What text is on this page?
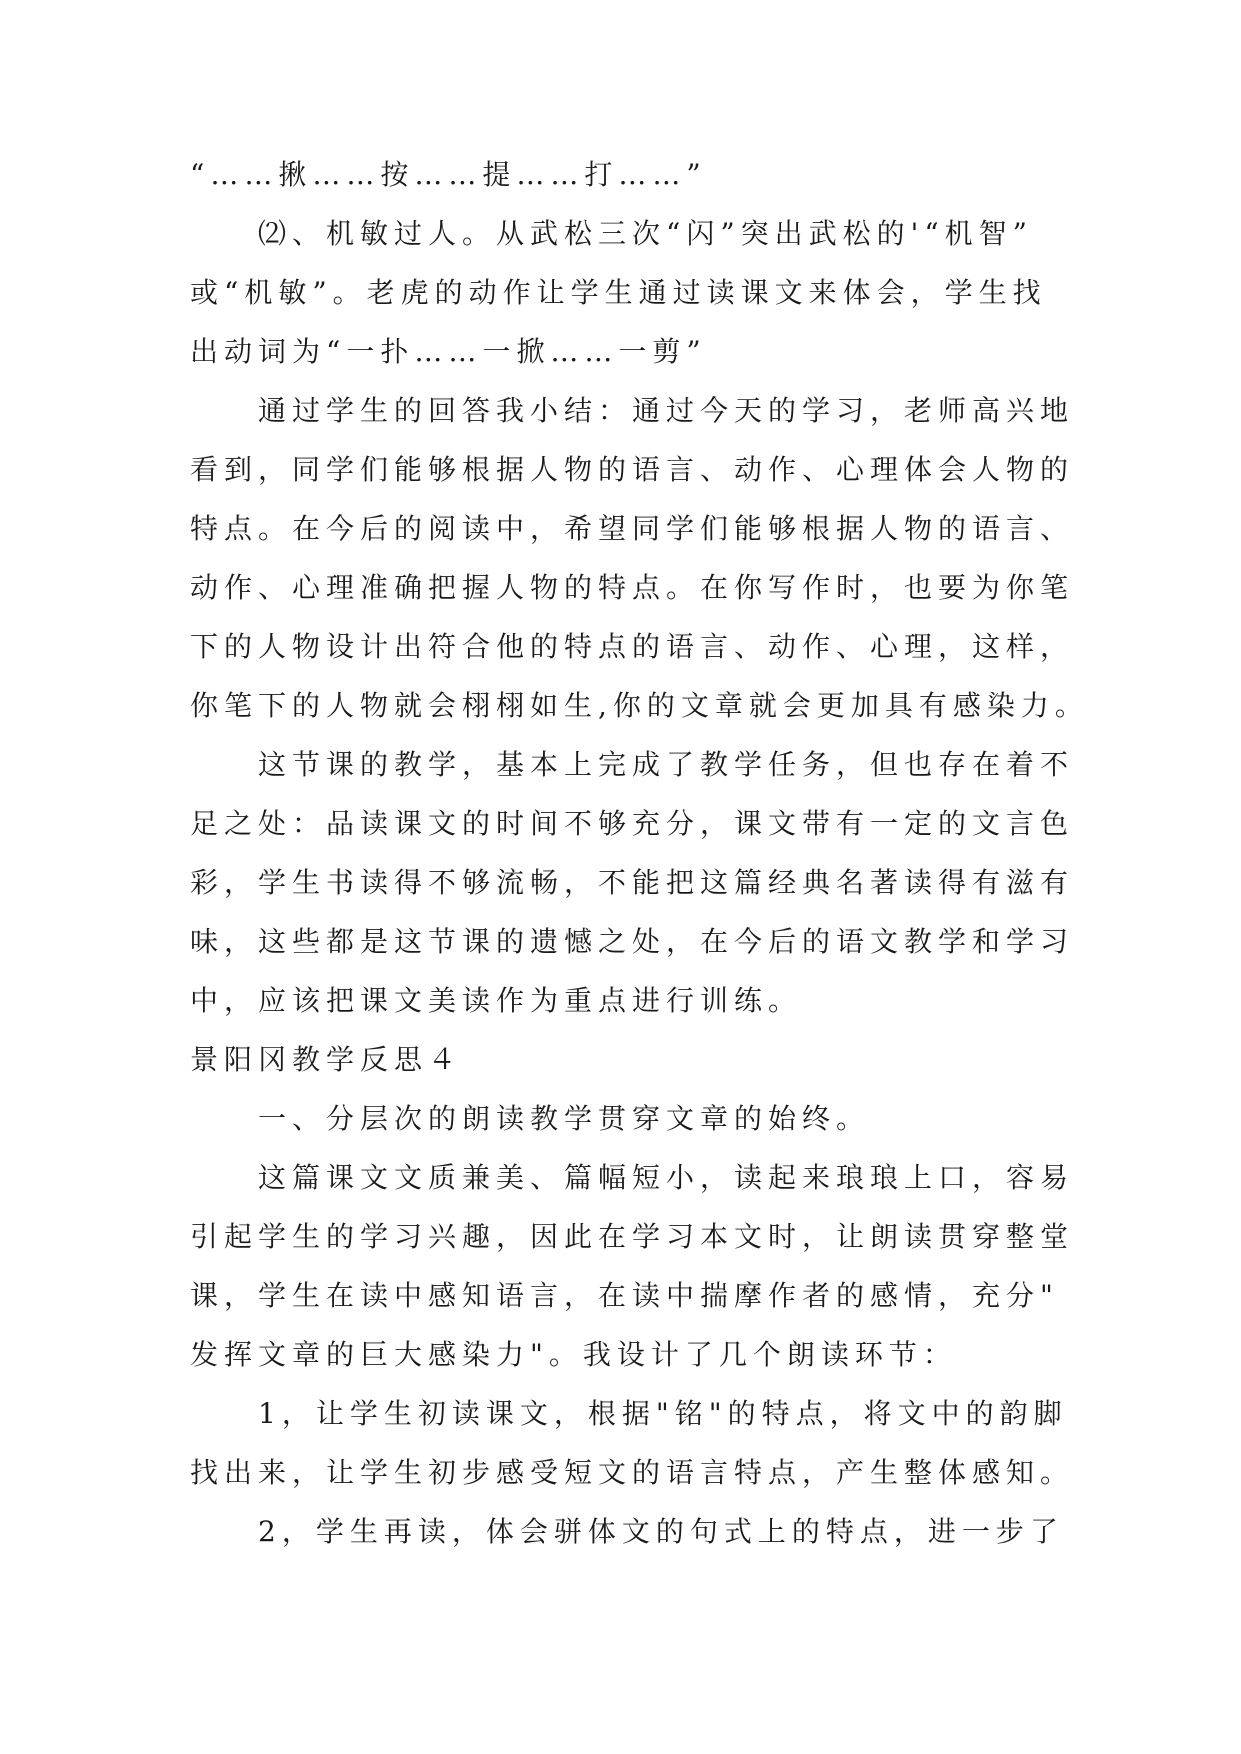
“……揪……按……提……打……”
⑵、机敏过人。从武松三次“闪”突出武松的'“机智”
或“机敏”。老虎的动作让学生通过读课文来体会，学生找
出动词为“一扑……一掀……一剪”
通过学生的回答我小结：通过今天的学习，老师高兴地
看到，同学们能够根据人物的语言、动作、心理体会人物的
特点。在今后的阅读中，希望同学们能够根据人物的语言、
动作、心理准确把握人物的特点。在你写作时，也要为你笔
下的人物设计出符合他的特点的语言、动作、心理，这样，
你笔下的人物就会栩栩如生,你的文章就会更加具有感染力。
这节课的教学，基本上完成了教学任务，但也存在着不
足之处：品读课文的时间不够充分，课文带有一定的文言色
彩，学生书读得不够流畅，不能把这篇经典名著读得有滋有
味，这些都是这节课的遗憾之处，在今后的语文教学和学习
中，应该把课文美读作为重点进行训练。
景阳冈教学反思４
一、分层次的朗读教学贯穿文章的始终。
这篇课文文质兼美、篇幅短小，读起来琅琅上口，容易
引起学生的学习兴趣，因此在学习本文时，让朗读贯穿整堂
课，学生在读中感知语言，在读中揣摩作者的感情，充分"
发挥文章的巨大感染力"。我设计了几个朗读环节：
1，让学生初读课文，根据"铭"的特点，将文中的韵脚
找出来，让学生初步感受短文的语言特点，产生整体感知。
2，学生再读，体会骈体文的句式上的特点，进一步了
